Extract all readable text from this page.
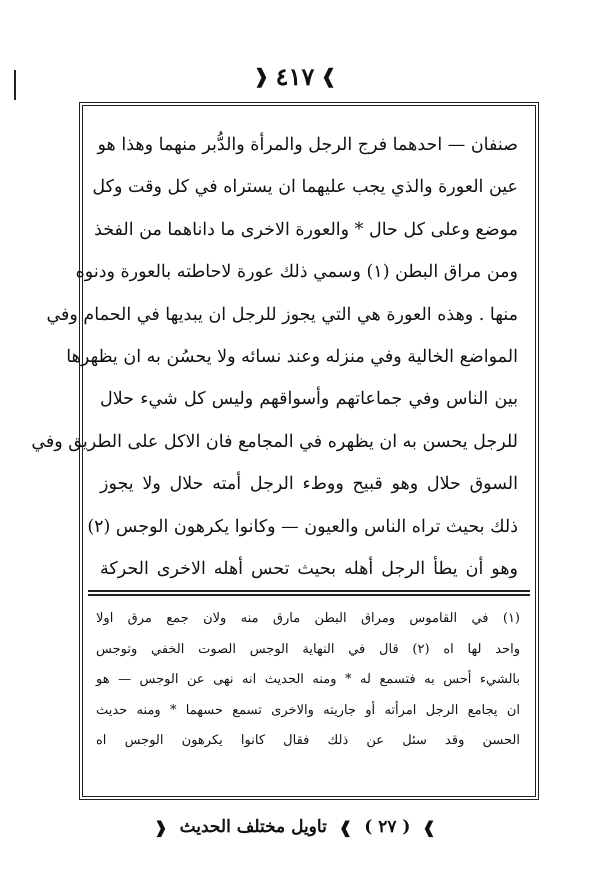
❱ ٤١٧ ❰
صنفان — احدهما فرج الرجل والمرأة والدُّبر منهما وهذا هو
عين العورة والذي يجب عليهما ان يستراه في كل وقت وكل
موضع وعلى كل حال * والعورة الاخرى ما داناهما من الفخذ
ومن مراق البطن (١) وسمي ذلك عورة لاحاطته بالعورة ودنوه
منها . وهذه العورة هي التي يجوز للرجل ان يبديها في الحمام وفي
المواضع الخالية وفي منزله وعند نسائه ولا يحسُن به ان يظهرها
بين الناس وفي جماعاتهم وأسواقهم وليس كل شيء حلال
للرجل يحسن به ان يظهره في المجامع فان الاكل على الطريق وفي
السوق حلال وهو قبيح ووطء الرجل أمته حلال ولا يجوز
ذلك بحيث تراه الناس والعيون — وكانوا يكرهون الوجس (٢)
وهو أن يطأ الرجل أهله بحيث تحس أهله الاخرى الحركة
(١) في القاموس ومراق البطن مارق منه ولان جمع مرق اولا
واحد لها اه (٢) قال في النهاية الوجس الصوت الخفي وتوجس
بالشيء أحس به فتسمع له * ومنه الحديث انه نهى عن الوجس — هو
ان يجامع الرجل امرأته أو جاريته والاخرى تسمع حسهما * ومنه حديث
الحسن وقد سئل عن ذلك فقال كانوا يكرهون الوجس اه
❱
( ٢٧ )
❱
تاويل مختلف الحديث
❰
